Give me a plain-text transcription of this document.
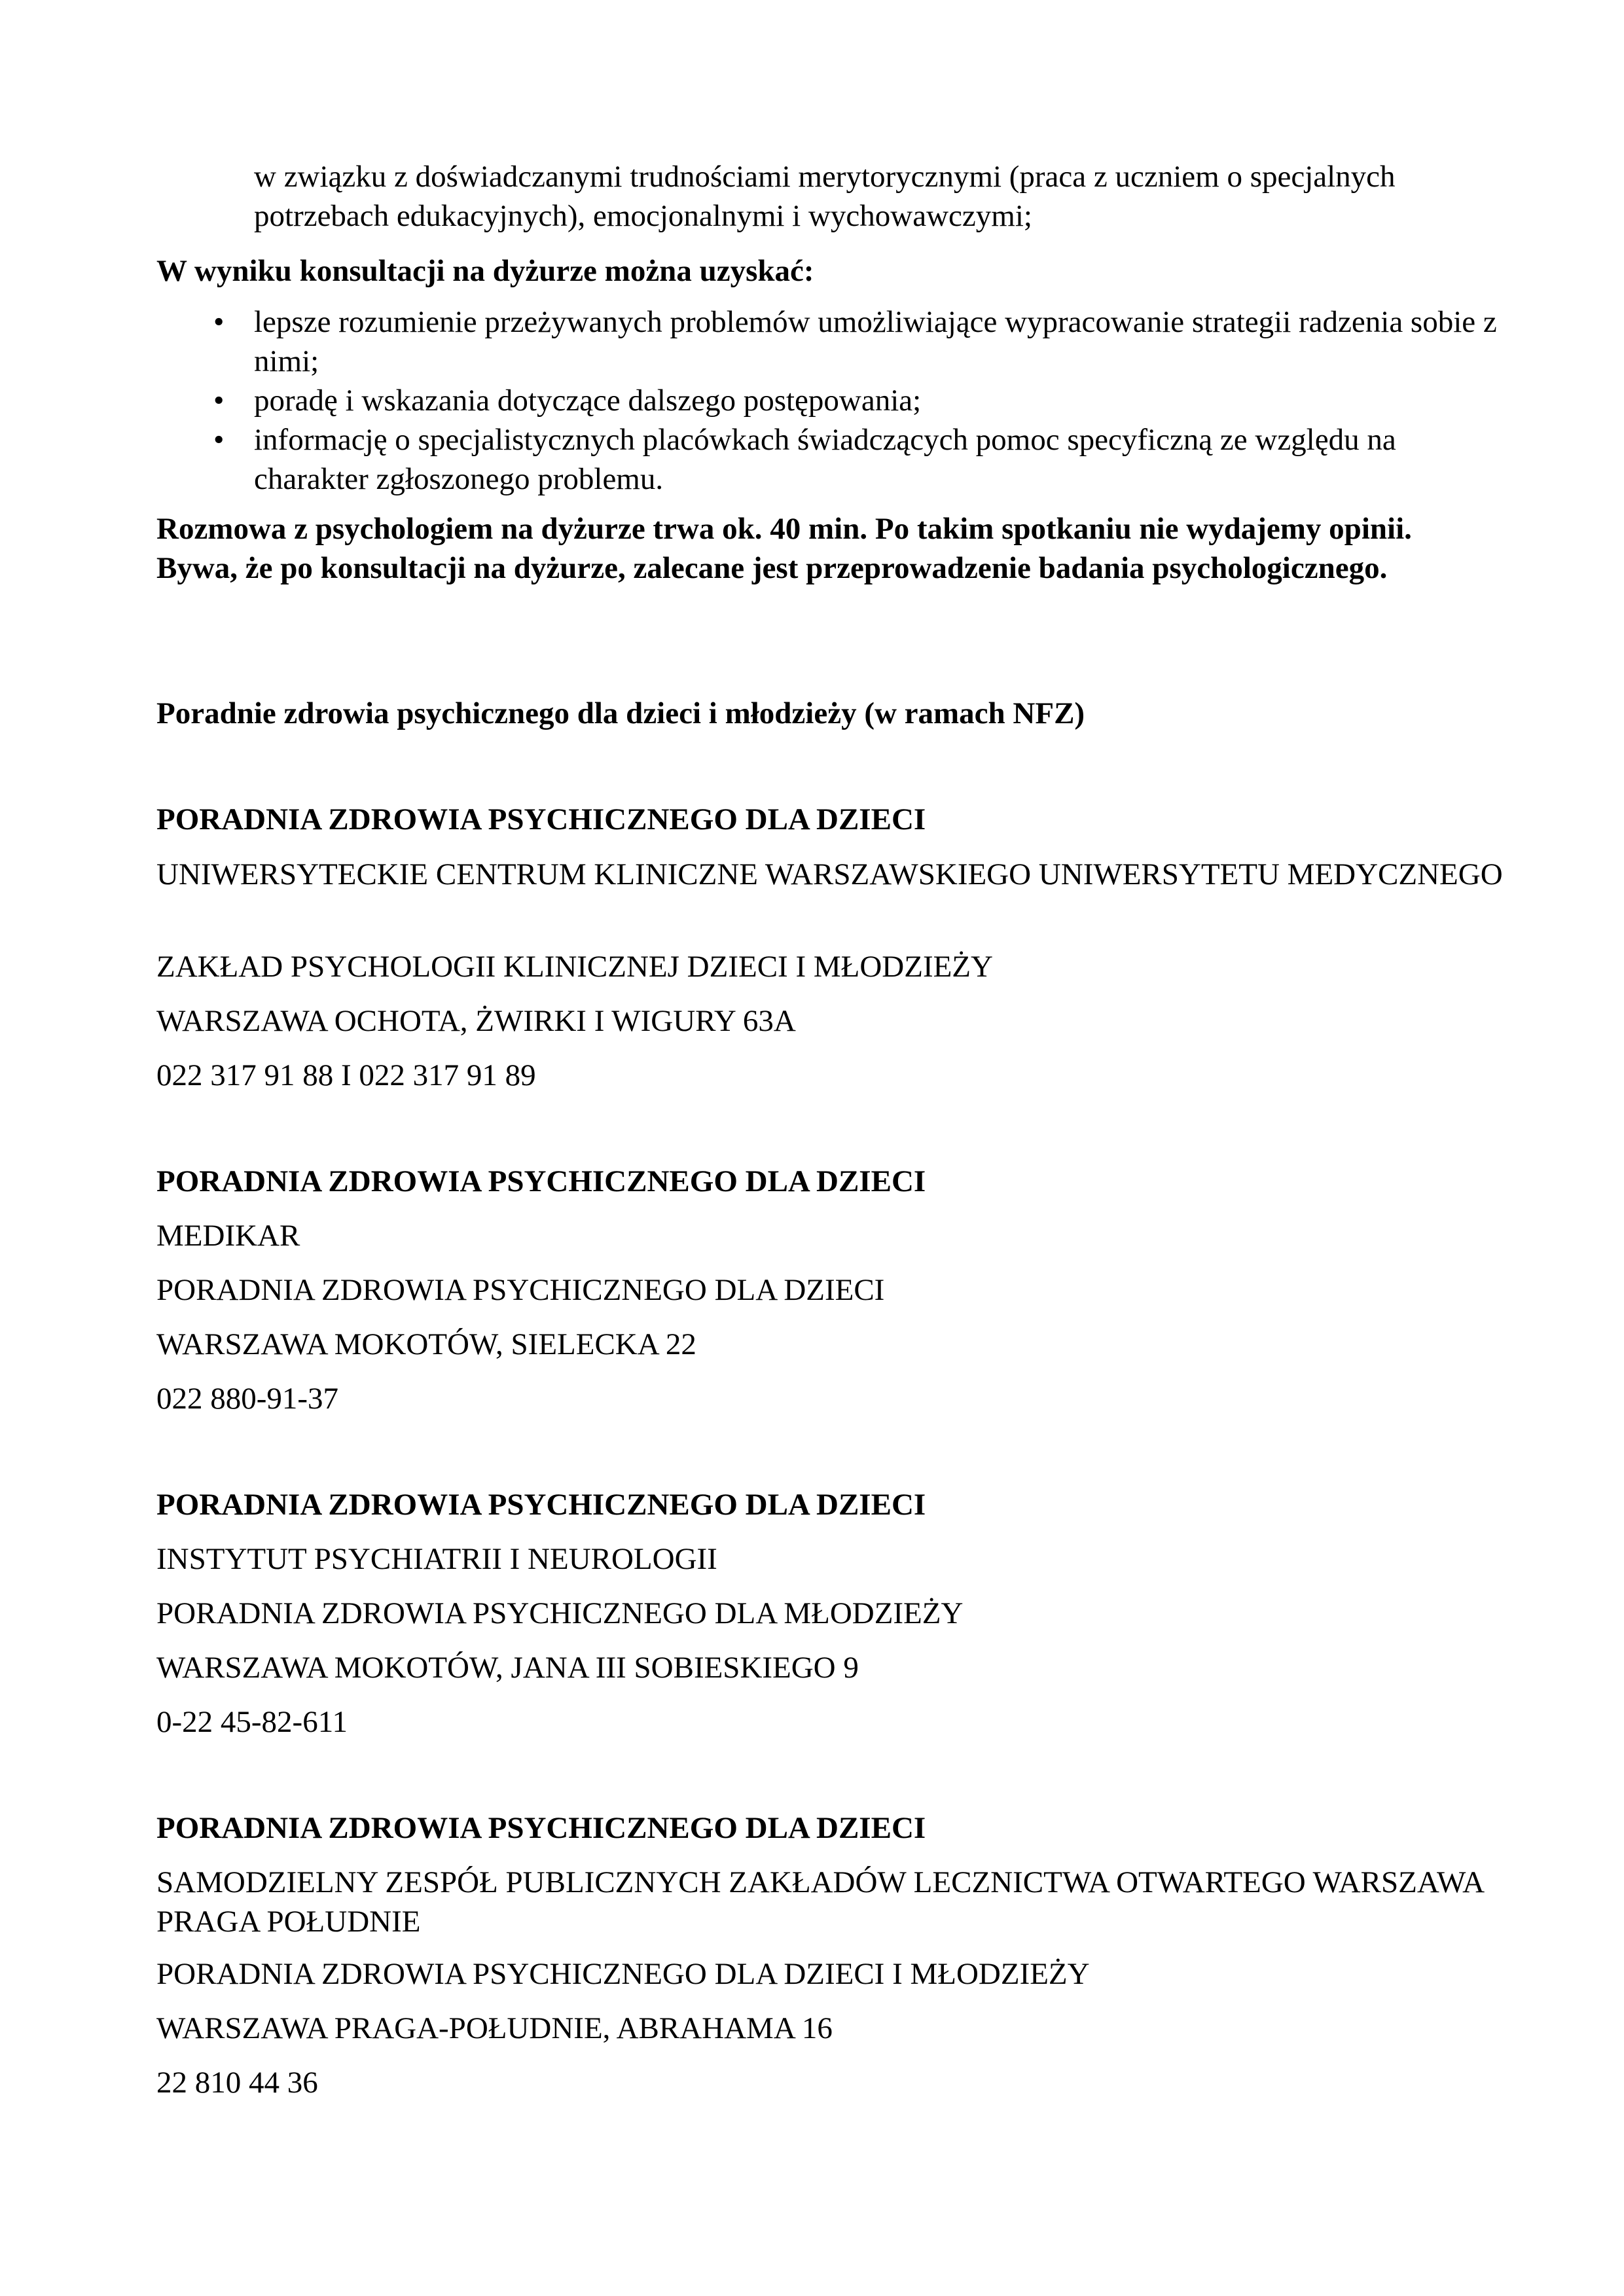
w związku z doświadczanymi trudnościami merytorycznymi (praca z uczniem o specjalnych potrzebach edukacyjnych), emocjonalnymi i wychowawczymi;

W wyniku konsultacji na dyżurze można uzyskać:

• lepsze rozumienie przeżywanych problemów umożliwiające wypracowanie strategii radzenia sobie z nimi;
• poradę i wskazania dotyczące dalszego postępowania;
• informację o specjalistycznych placówkach świadczących pomoc specyficzną ze względu na charakter zgłoszonego problemu.

Rozmowa z psychologiem na dyżurze trwa ok. 40 min. Po takim spotkaniu nie wydajemy opinii. Bywa, że po konsultacji na dyżurze, zalecane jest przeprowadzenie badania psychologicznego.

Poradnie zdrowia psychicznego dla dzieci i młodzieży (w ramach NFZ)

PORADNIA ZDROWIA PSYCHICZNEGO DLA DZIECI

UNIWERSYTECKIE CENTRUM KLINICZNE WARSZAWSKIEGO UNIWERSYTETU MEDYCZNEGO

ZAKŁAD PSYCHOLOGII KLINICZNEJ DZIECI I MŁODZIEŻY

WARSZAWA OCHOTA, ŻWIRKI I WIGURY 63A

022 317 91 88 I 022 317 91 89

PORADNIA ZDROWIA PSYCHICZNEGO DLA DZIECI

MEDIKAR

PORADNIA ZDROWIA PSYCHICZNEGO DLA DZIECI

WARSZAWA MOKOTÓW, SIELECKA 22

022 880-91-37

PORADNIA ZDROWIA PSYCHICZNEGO DLA DZIECI

INSTYTUT PSYCHIATRII I NEUROLOGII

PORADNIA ZDROWIA PSYCHICZNEGO DLA MŁODZIEŻY

WARSZAWA MOKOTÓW, JANA III SOBIESKIEGO 9

0-22 45-82-611

PORADNIA ZDROWIA PSYCHICZNEGO DLA DZIECI

SAMODZIELNY ZESPÓŁ PUBLICZNYCH ZAKŁADÓW LECZNICTWA OTWARTEGO WARSZAWA PRAGA POŁUDNIE

PORADNIA ZDROWIA PSYCHICZNEGO DLA DZIECI I MŁODZIEŻY

WARSZAWA PRAGA-POŁUDNIE, ABRAHAMA 16

22 810 44 36
